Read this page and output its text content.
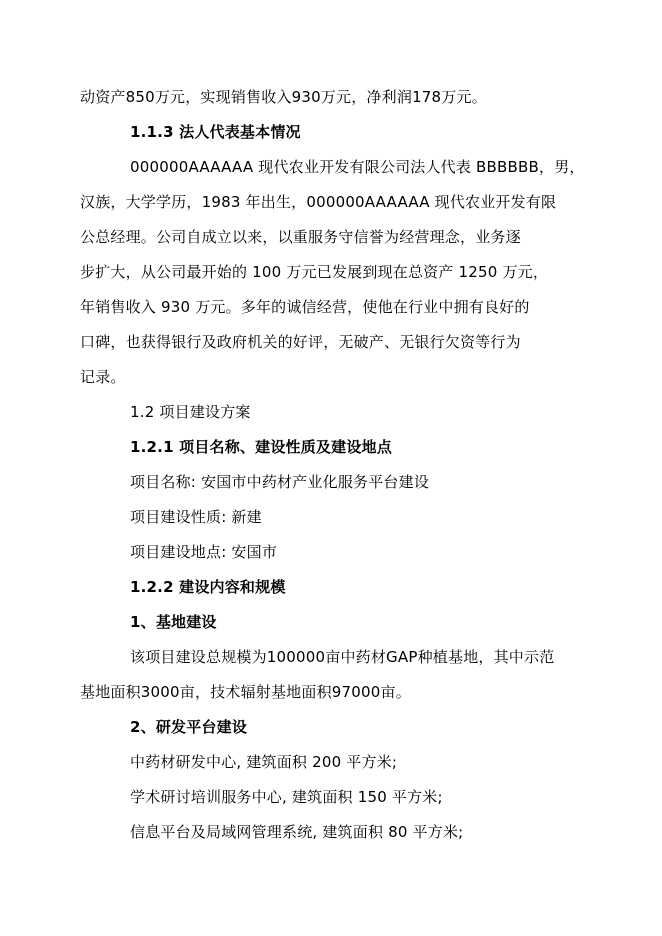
动资产850万元，实现销售收入930万元，净利润178万元。
1.1.3 法人代表基本情况
000000AAAAAA 现代农业开发有限公司法人代表 BBBBBB，男，
汉族，大学学历，1983 年出生，000000AAAAAA 现代农业开发有限
公总经理。公司自成立以来，以重服务守信誉为经营理念，业务逐
步扩大，从公司最开始的 100 万元已发展到现在总资产 1250 万元，
年销售收入 930 万元。多年的诚信经营，使他在行业中拥有良好的
口碑，也获得银行及政府机关的好评，无破产、无银行欠资等行为
记录。
1.2 项目建设方案
1.2.1 项目名称、建设性质及建设地点
项目名称: 安国市中药材产业化服务平台建设
项目建设性质: 新建
项目建设地点: 安国市
1.2.2 建设内容和规模
1、基地建设
该项目建设总规模为100000亩中药材GAP种植基地，其中示范
基地面积3000亩，技术辐射基地面积97000亩。
2、研发平台建设
中药材研发中心, 建筑面积 200 平方米;
学术研讨培训服务中心, 建筑面积 150 平方米;
信息平台及局域网管理系统, 建筑面积 80 平方米;
